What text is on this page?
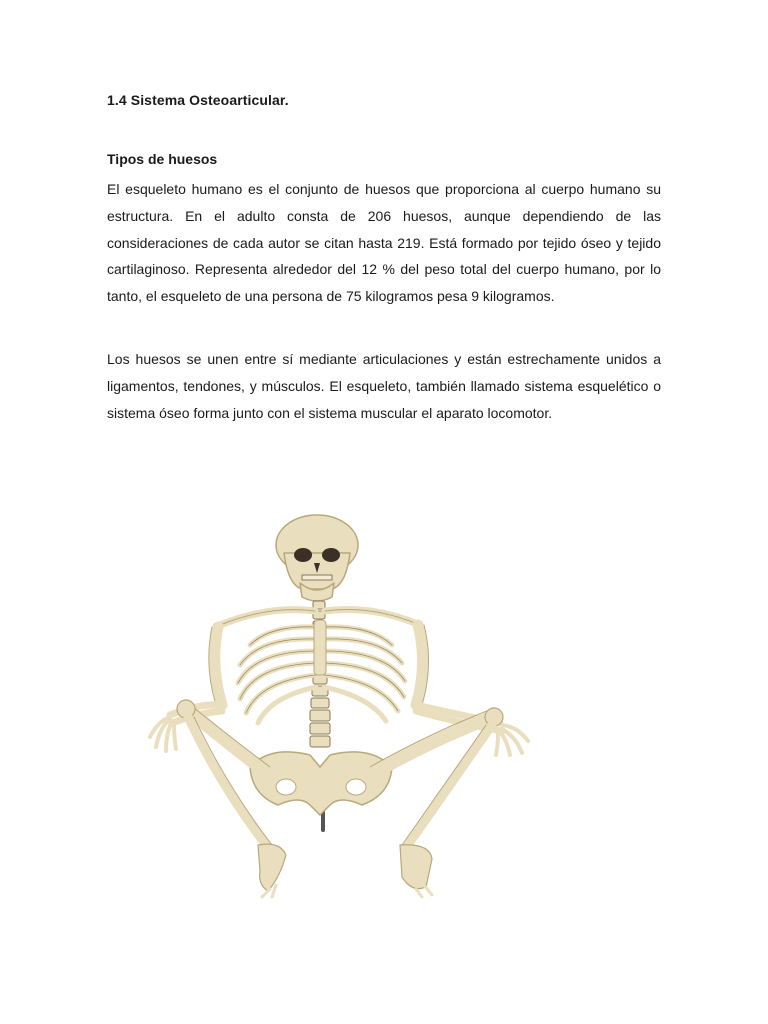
1.4 Sistema Osteoarticular.
Tipos de huesos
El esqueleto humano es el conjunto de huesos que proporciona al cuerpo humano su estructura. En el adulto consta de 206 huesos, aunque dependiendo de las consideraciones de cada autor se citan hasta 219. Está formado por tejido óseo y tejido cartilaginoso. Representa alrededor del 12 % del peso total del cuerpo humano, por lo tanto, el esqueleto de una persona de 75 kilogramos pesa 9 kilogramos.
Los huesos se unen entre sí mediante articulaciones y están estrechamente unidos a ligamentos, tendones, y músculos. El esqueleto, también llamado sistema esquelético o sistema óseo forma junto con el sistema muscular el aparato locomotor.
